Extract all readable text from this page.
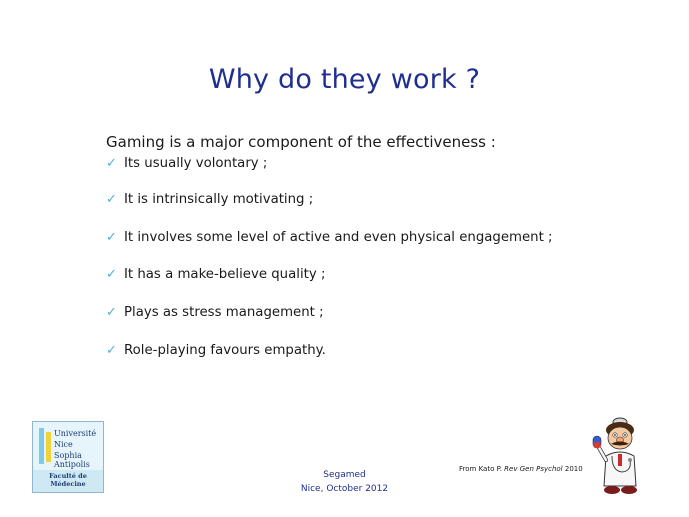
Why do they work ?
Gaming is a major component of the effectiveness :
✓ Its usually volontary ;
✓ It is intrinsically motivating ;
✓ It involves some level of active and even physical engagement ;
✓ It has a make-believe quality ;
✓ Plays as stress management ;
✓ Role-playing favours empathy.
Université
Nice
Sophia Antipolis
Faculté de Médecine
Segamed
Nice, October 2012
From Kato P. Rev Gen Psychol 2010
